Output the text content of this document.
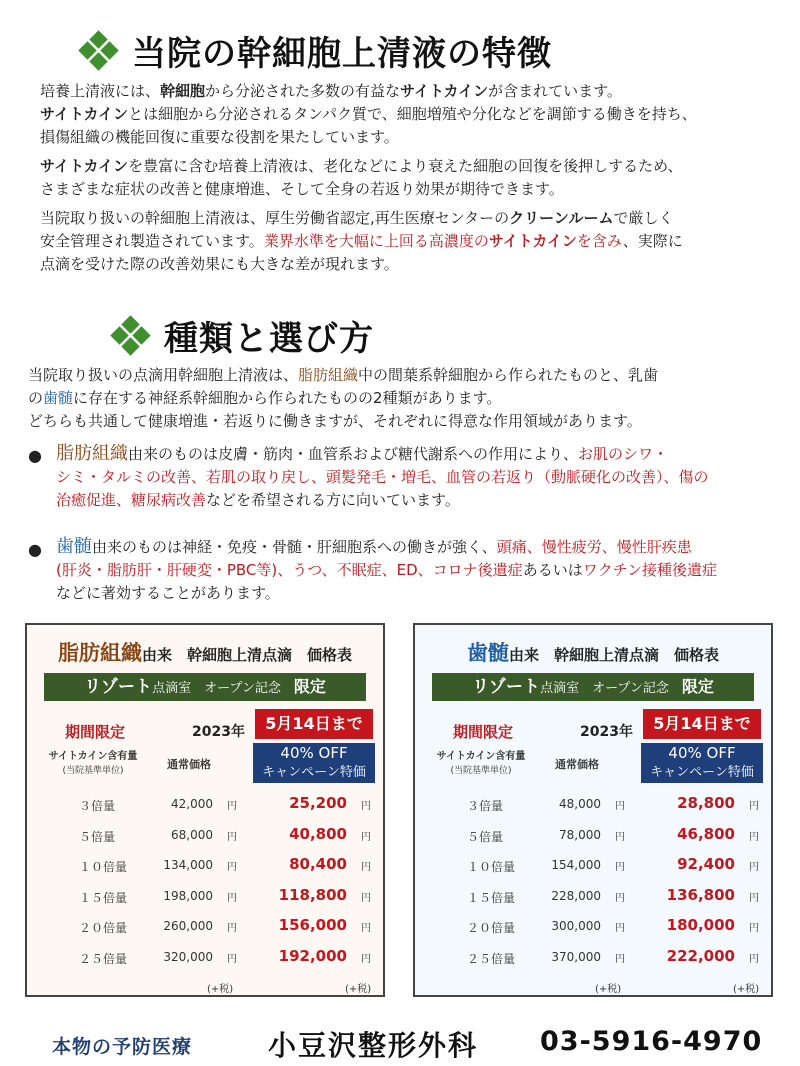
当院の幹細胞上清液の特徴
培養上清液には、幹細胞から分泌された多数の有益なサイトカインが含まれています。
サイトカインとは細胞から分泌されるタンパク質で、細胞増殖や分化などを調節する働きを持ち、
損傷組織の機能回復に重要な役割を果たしています。
サイトカインを豊富に含む培養上清液は、老化などにより衰えた細胞の回復を後押しするため、
さまざまな症状の改善と健康増進、そして全身の若返り効果が期待できます。
当院取り扱いの幹細胞上清液は、厚生労働省認定,再生医療センターのクリーンルームで厳しく
安全管理され製造されています。業界水準を大幅に上回る高濃度のサイトカインを含み、実際に
点滴を受けた際の改善効果にも大きな差が現れます。
種類と選び方
当院取り扱いの点滴用幹細胞上清液は、脂肪組織中の間葉系幹細胞から作られたものと、乳歯
の歯髄に存在する神経系幹細胞から作られたものの2種類があります。
どちらも共通して健康増進・若返りに働きますが、それぞれに得意な作用領域があります。
● 脂肪組織由来のものは皮膚・筋肉・血管系および糖代謝系への作用により、お肌のシワ・
シミ・タルミの改善、若肌の取り戻し、頭髪発毛・増毛、血管の若返り（動脈硬化の改善）、傷の
治癒促進、糖尿病改善などを希望される方に向いています。
● 歯髄由来のものは神経・免疫・骨髄・肝細胞系への働きが強く、頭痛、慢性疲労、慢性肝疾患
(肝炎・脂肪肝・肝硬変・PBC等)、うつ、不眠症、ED、コロナ後遺症あるいはワクチン接種後遺症
などに著効することがあります。
脂肪組織由来　幹細胞上清点滴　価格表
リゾート点滴室　オープン記念　 限定
期間限定	2023年	5月14日まで
サイトカイン含有量
(当院基準単位)	通常価格
40% OFF
キャンペーン特価
３倍量	42,000 円	25,200 円
５倍量	68,000 円	40,800 円
１０倍量	134,000 円	80,400 円
１５倍量	198,000 円	118,800 円
２０倍量	260,000 円	156,000 円
２５倍量	320,000 円	192,000 円
(+税)	(+税)
歯髄由来　幹細胞上清点滴　価格表
リゾート点滴室　オープン記念　 限定
期間限定	2023年	5月14日まで
サイトカイン含有量
(当院基準単位)	通常価格
40% OFF
キャンペーン特価
３倍量	48,000 円	28,800 円
５倍量	78,000 円	46,800 円
１０倍量	154,000 円	92,400 円
１５倍量	228,000 円	136,800 円
２０倍量	300,000 円	180,000 円
２５倍量	370,000 円	222,000 円
(+税)	(+税)
本物の予防医療	小豆沢整形外科 03-5916-4970
